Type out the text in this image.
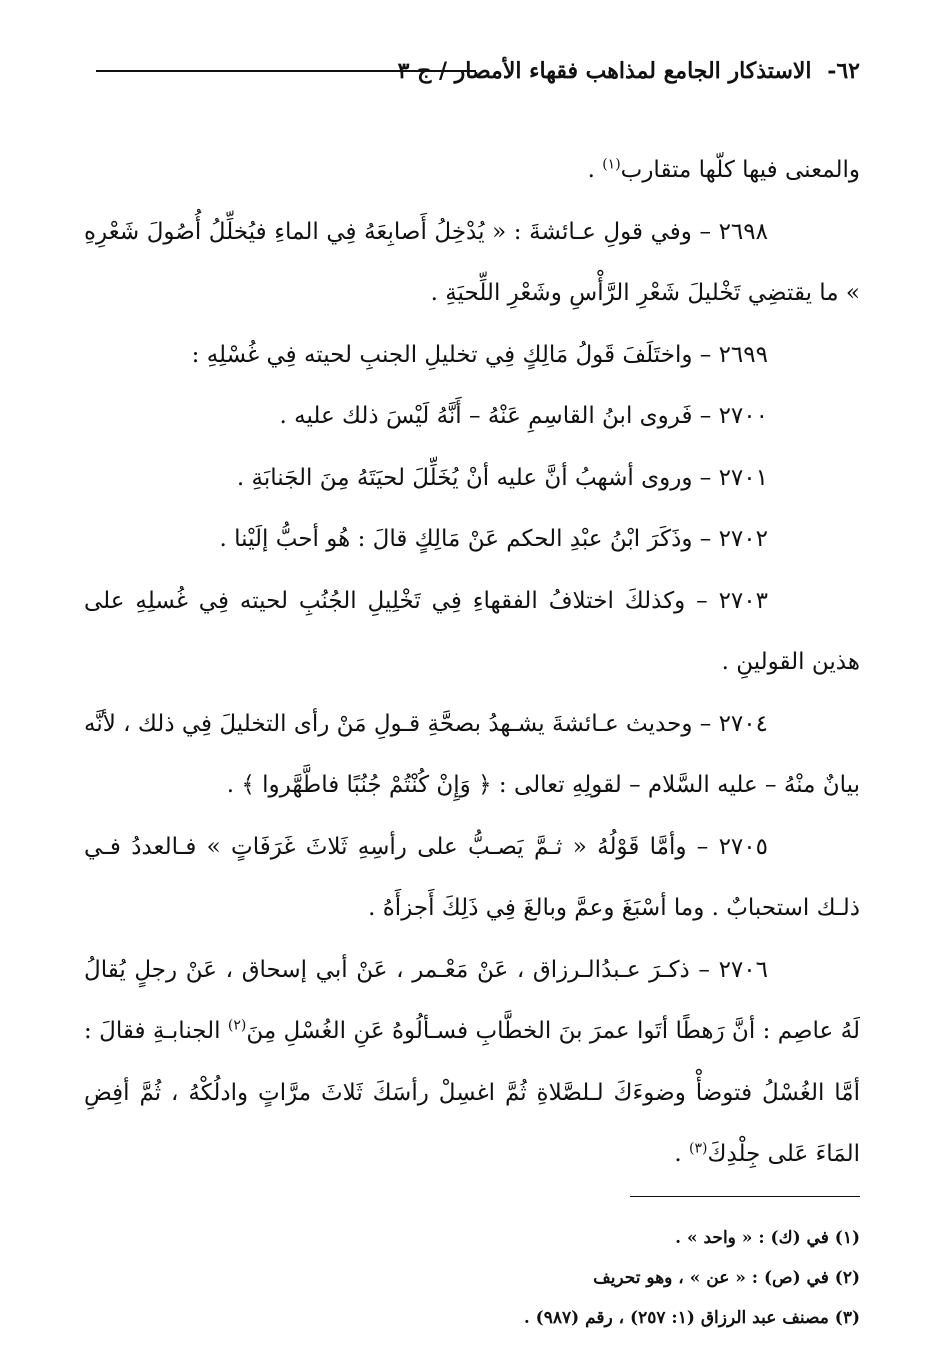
٦٢- الاستذكار الجامع لمذاهب فقهاء الأمصار / ج ٣

والمعنى فيها كلّها متقارب$^{(١)}$ .

٢٦٩٨ – وفي قولِ عـائشةَ : « يُدْخِلُ أَصابِعَهُ فِي الماءِ فيُخلِّلُ أُصُولَ شَعْرِهِ » ما يقتضِي تَخْليلَ شَعْرِ الرَّأْسِ وشَعْرِ اللِّحيَةِ .

٢٦٩٩ – واختَلَفَ قَولُ مَالِكٍ فِي تخليلِ الجنبِ لحيته فِي غُسْلِهِ :

٢٧٠٠ – فَروى ابنُ القاسِمِ عَنْهُ – أَنَّهُ لَيْسَ ذلك عليه .

٢٧٠١ – وروى أشهبُ أنَّ عليه أنْ يُخَلِّلَ لحيَتَهُ مِنَ الجَنابَةِ .

٢٧٠٢ – وذَكَرَ ابْنُ عبْدِ الحكم عَنْ مَالِكٍ قالَ : هُو أحبُّ إلَيْنا .

٢٧٠٣ – وكذلكَ اختلافُ الفقهاءِ فِي تَخْلِيلِ الجُنُبِ لحيته فِي غُسلِهِ على هذين القولينِ .

٢٧٠٤ – وحديث عـائشةَ يشـهدُ بصحَّةِ قـولِ مَنْ رأى التخليلَ فِي ذلك ، لأنَّه بيانٌ منْهُ – عليه السَّلام – لقولِهِ تعالى : ﴿ وَإِنْ كُنْتُمْ جُنُبًا فاطَّهَّروا ﴾ .

٢٧٠٥ – وأمَّا قَوْلُهُ « ثـمَّ يَصـبُّ على رأسِهِ ثَلاثَ غَرَفَاتٍ » فـالعددُ فـي ذلـك استحبابٌ . وما أسْبَغَ وعمَّ وبالغَ فِي ذَلِكَ أَجزأَهُ .

٢٧٠٦ – ذكـرَ عـبدُالـرزاق ، عَنْ مَعْـمر ، عَنْ أبي إسحاق ، عَنْ رجلٍ يُقالُ لَهُ عاصِم : أنَّ رَهطًا أتَوا عمرَ بنَ الخطَّابِ فسـألُوهُ عَنِ الغُسْلِ مِنَ$^{(٢)}$ الجنابـةِ فقالَ : أمَّا الغُسْلُ فتوضأْ وضوءَكَ لـلصَّلاةِ ثُمَّ اغسِلْ رأسَكَ ثَلاثَ مرَّاتٍ وادلُكْهُ ، ثُمَّ أفِضِ المَاءَ عَلى جِلْدِكَ$^{(٣)}$ .

(١) في (ك) : « واحد » .

(٢) في (ص) : « عن » ، وهو تحريف

(٣) مصنف عبد الرزاق (١: ٢٥٧) ، رقم (٩٨٧) .
